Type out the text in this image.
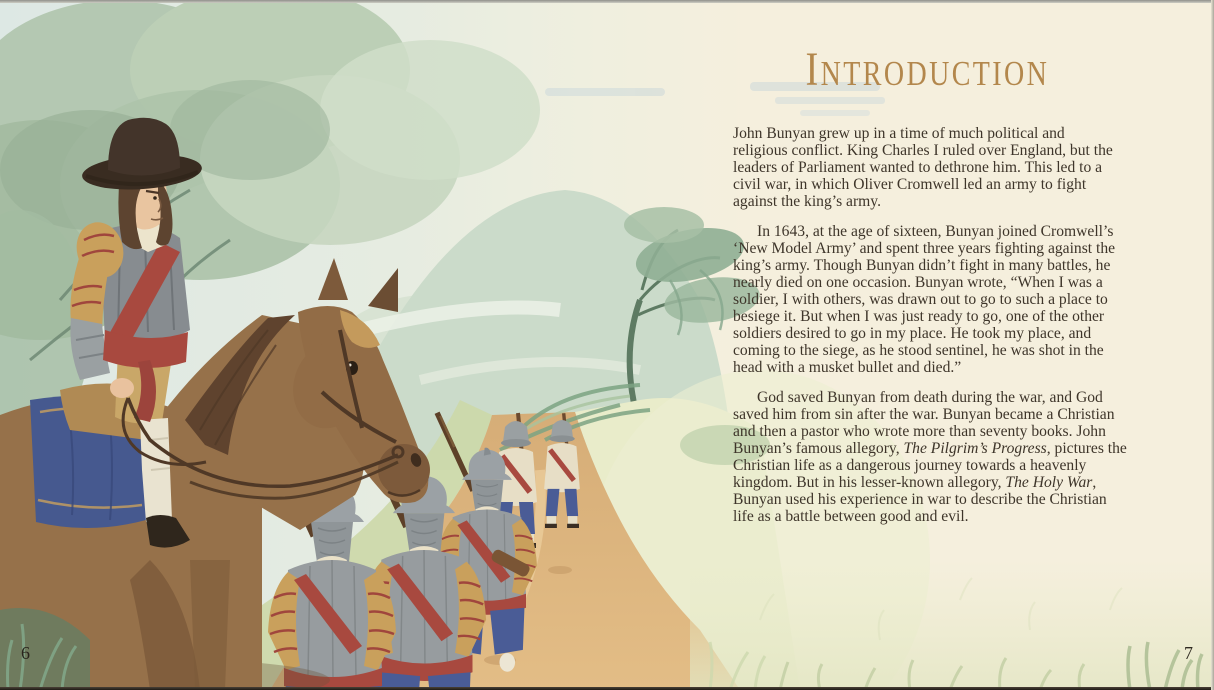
INTRODUCTION
John Bunyan grew up in a time of much political and
religious conflict. King Charles I ruled over England, but the
leaders of Parliament wanted to dethrone him. This led to a
civil war, in which Oliver Cromwell led an army to fight
against the king’s army.
In 1643, at the age of sixteen, Bunyan joined Cromwell’s
‘New Model Army’ and spent three years fighting against the
king’s army. Though Bunyan didn’t fight in many battles, he
nearly died on one occasion. Bunyan wrote, “When I was a
soldier, I with others, was drawn out to go to such a place to
besiege it. But when I was just ready to go, one of the other
soldiers desired to go in my place. He took my place, and
coming to the siege, as he stood sentinel, he was shot in the
head with a musket bullet and died.”
God saved Bunyan from death during the war, and God
saved him from sin after the war. Bunyan became a Christian
and then a pastor who wrote more than seventy books. John
Bunyan’s famous allegory, The Pilgrim’s Progress, pictures the
Christian life as a dangerous journey towards a heavenly
kingdom. But in his lesser-known allegory, The Holy War,
Bunyan used his experience in war to describe the Christian
life as a battle between good and evil.
6	7
